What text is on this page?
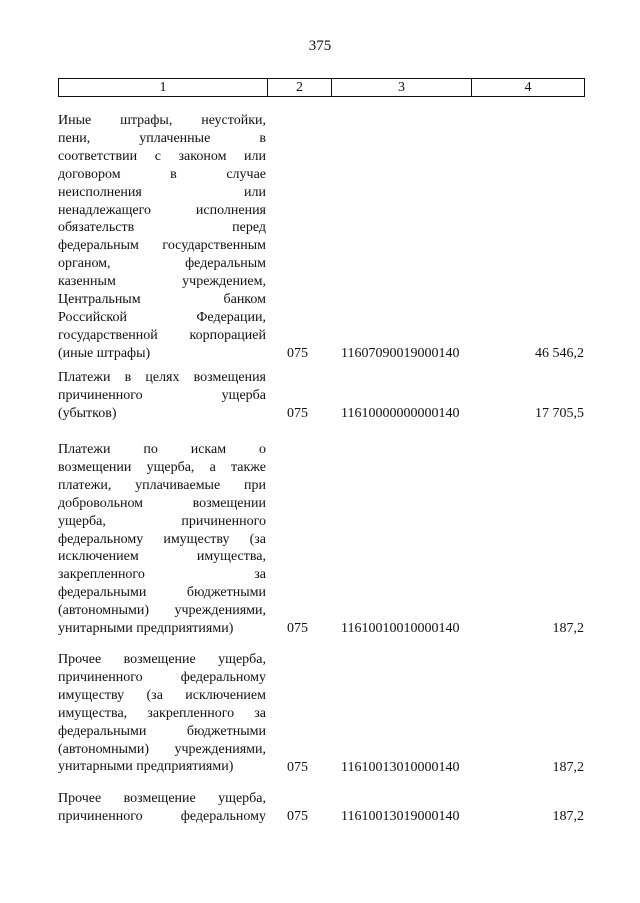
375
1	2	3	4
Иные штрафы, неустойки,
пени, уплаченные в
соответствии с законом или
договором в случае
неисполнения или
ненадлежащего исполнения
обязательств перед
федеральным государственным
органом, федеральным
казенным учреждением,
Центральным банком
Российской Федерации,
государственной корпорацией
(иные штрафы)	075	11607090019000140	46 546,2
Платежи в целях возмещения
причиненного ущерба
(убытков)	075	11610000000000140	17 705,5
Платежи по искам о
возмещении ущерба, а также
платежи, уплачиваемые при
добровольном возмещении
ущерба, причиненного
федеральному имуществу (за
исключением имущества,
закрепленного за
федеральными бюджетными
(автономными) учреждениями,
унитарными предприятиями)	075	11610010010000140	187,2
Прочее возмещение ущерба,
причиненного федеральному
имуществу (за исключением
имущества, закрепленного за
федеральными бюджетными
(автономными) учреждениями,
унитарными предприятиями)	075	11610013010000140	187,2
Прочее возмещение ущерба,
причиненного федеральному 075	11610013019000140	187,2
